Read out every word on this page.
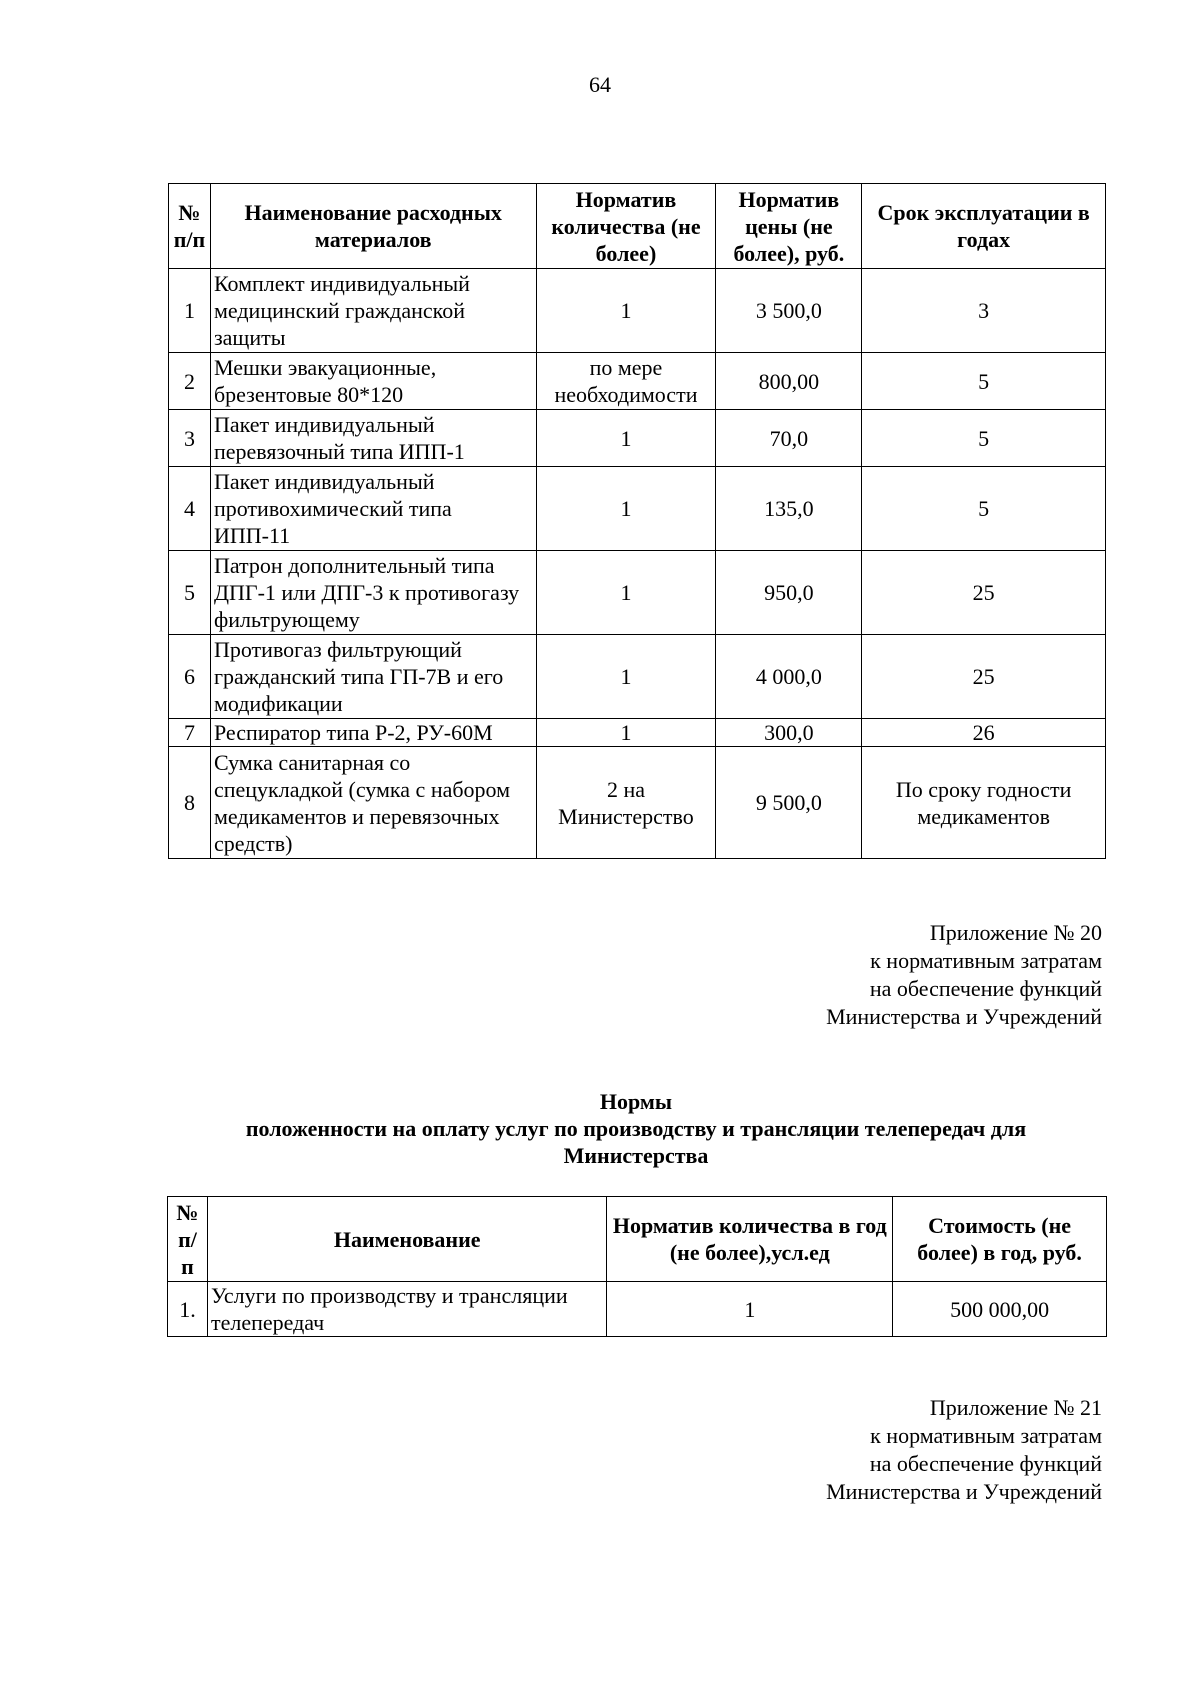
64
№ п/п	Наименование расходных материалов	Норматив количества (не более)	Норматив цены (не более), руб.	Срок эксплуатации в годах
1	Комплект индивидуальный медицинский гражданской защиты	1	3 500,0	3
2	Мешки эвакуационные, брезентовые 80*120	по мере необходимости	800,00	5
3	Пакет индивидуальный перевязочный типа ИПП-1	1	70,0	5
4	Пакет индивидуальный противохимический типа ИПП-11	1	135,0	5
5	Патрон дополнительный типа ДПГ-1 или ДПГ-3 к противогазу фильтрующему	1	950,0	25
6	Противогаз фильтрующий гражданский типа ГП-7В и его модификации	1	4 000,0	25
7	Респиратор типа Р-2, РУ-60М	1	300,0	26
8	Сумка санитарная со спецукладкой (сумка с набором медикаментов и перевязочных средств)	2 на Министерство	9 500,0	По сроку годности медикаментов
Приложение № 20
к нормативным затратам
на обеспечение функций
Министерства и Учреждений
Нормы
положенности на оплату услуг по производству и трансляции телепередач для
Министерства
№ п/п	Наименование	Норматив количества в год (не более),усл.ед	Стоимость (не более) в год, руб.
1.	Услуги по производству и трансляции телепередач	1	500 000,00
Приложение № 21
к нормативным затратам
на обеспечение функций
Министерства и Учреждений
